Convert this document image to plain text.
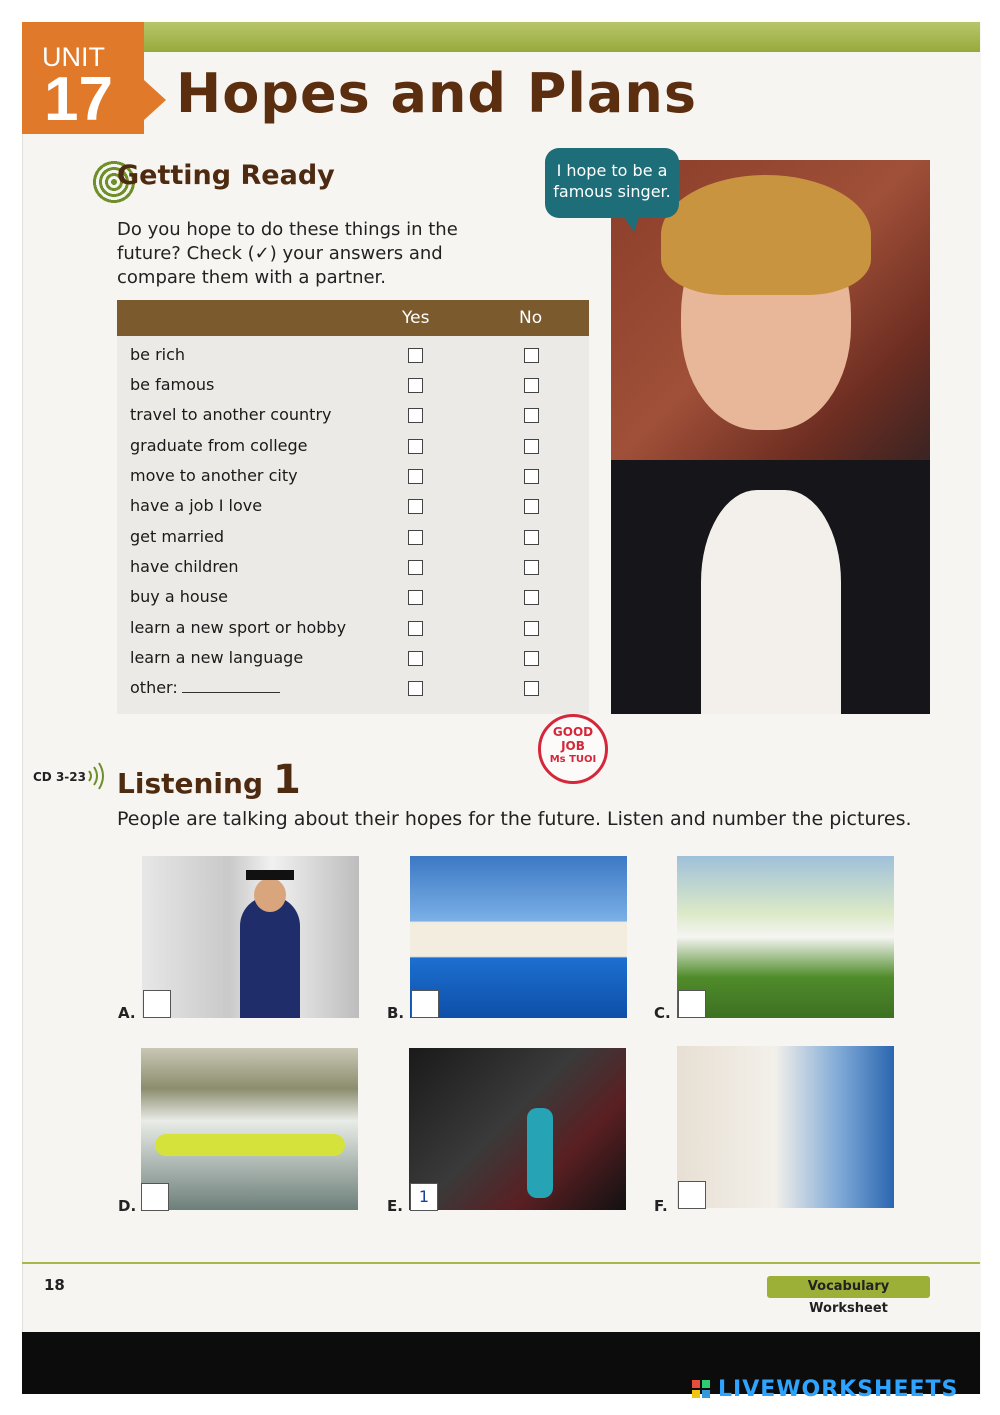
UNIT
17 Hopes and Plans
Getting Ready
Do you hope to do these things in the future? Check (✓) your answers and compare them with a partner.
Yes	No
be rich
be famous
travel to another country
graduate from college
move to another city
have a job I love
get married
have children
buy a house
learn a new sport or hobby
learn a new language
other:
I hope to be a famous singer.
GOOD
JOB
Ms TUOI
CD 3-23 Listening 1
People are talking about their hopes for the future. Listen and number the pictures.
A.	B.	C.
D.	E. 1	F.
18	Vocabulary Worksheet
LIVEWORKSHEETS
